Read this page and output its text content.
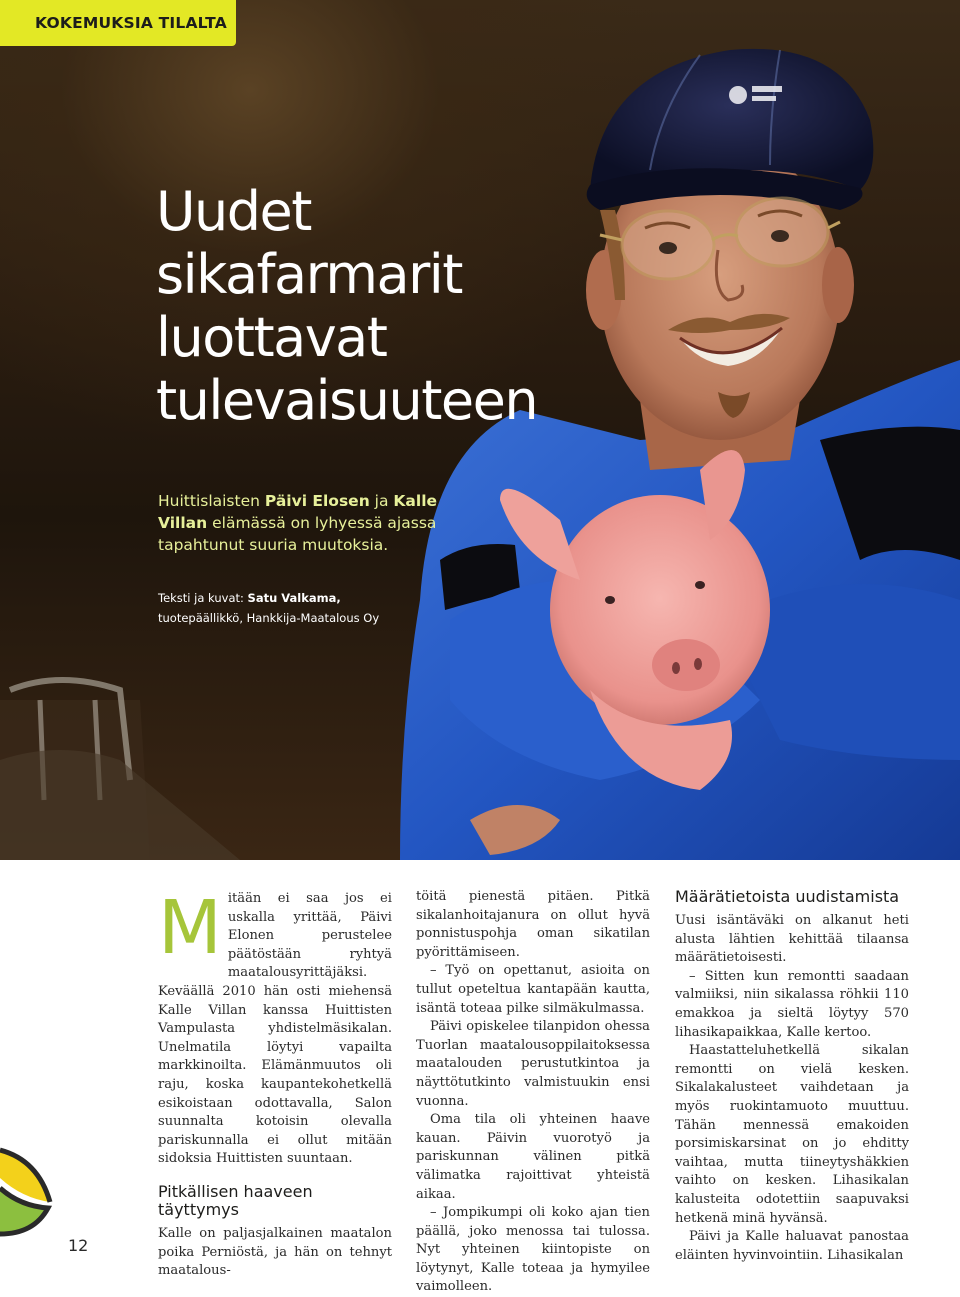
KOKEMUKSIA TILALTA
Uudet
sikafarmarit
luottavat
tulevaisuuteen

Huittislaisten Päivi Elosen ja Kalle Villan elämässä on lyhyessä ajassa tapahtunut suuria muutoksia.

Teksti ja kuvat: Satu Valkama,
tuotepäällikkö, Hankkija-Maatalous Oy
M itään ei saa jos ei uskalla yrittää, Päivi Elonen perustelee päätöstään ryhtyä maatalousyrittäjäksi. Keväällä 2010 hän osti miehensä Kalle Villan kanssa Huittisten Vampulasta yhdistelmäsikalan. Unelmatila löytyi vapailta markkinoilta. Elämänmuutos oli raju, koska kaupantekohetkellä esikoistaan odottavalla, Salon suunnalta kotoisin olevalla pariskunnalla ei ollut mitään sidoksia Huittisten suuntaan.

Pitkällisen haaveen täyttymys

Kalle on paljasjalkainen maatalon poika Perniöstä, ja hän on tehnyt maatalous-

töitä pienestä pitäen. Pitkä sikalanhoitajanura on ollut hyvä ponnistuspohja oman sikatilan pyörittämiseen.

– Työ on opettanut, asioita on tullut opeteltua kantapään kautta, isäntä toteaa pilke silmäkulmassa.

Päivi opiskelee tilanpidon ohessa Tuorlan maatalousoppilaitoksessa maatalouden perustutkintoa ja näyttötutkinto valmistuukin ensi vuonna.

Oma tila oli yhteinen haave kauan. Päivin vuorotyö ja pariskunnan välinen pitkä välimatka rajoittivat yhteistä aikaa.

– Jompikumpi oli koko ajan tien päällä, joko menossa tai tulossa. Nyt yhteinen kiintopiste on löytynyt, Kalle toteaa ja hymyilee vaimolleen.

Määrätietoista uudistamista

Uusi isäntäväki on alkanut heti alusta lähtien kehittää tilaansa määrätietoisesti.

– Sitten kun remontti saadaan valmiiksi, niin sikalassa röhkii 110 emakkoa ja sieltä löytyy 570 lihasikapaikkaa, Kalle kertoo.

Haastatteluhetkellä sikalan remontti on vielä kesken. Sikalakalusteet vaihdetaan ja myös ruokintamuoto muuttuu. Tähän mennessä emakoiden porsimiskarsinat on jo ehditty vaihtaa, mutta tiineytyshäkkien vaihto on kesken. Lihasikalan kalusteita odotettiin saapuvaksi hetkenä minä hyvänsä.

Päivi ja Kalle haluavat panostaa eläinten hyvinvointiin. Lihasikalan

12
